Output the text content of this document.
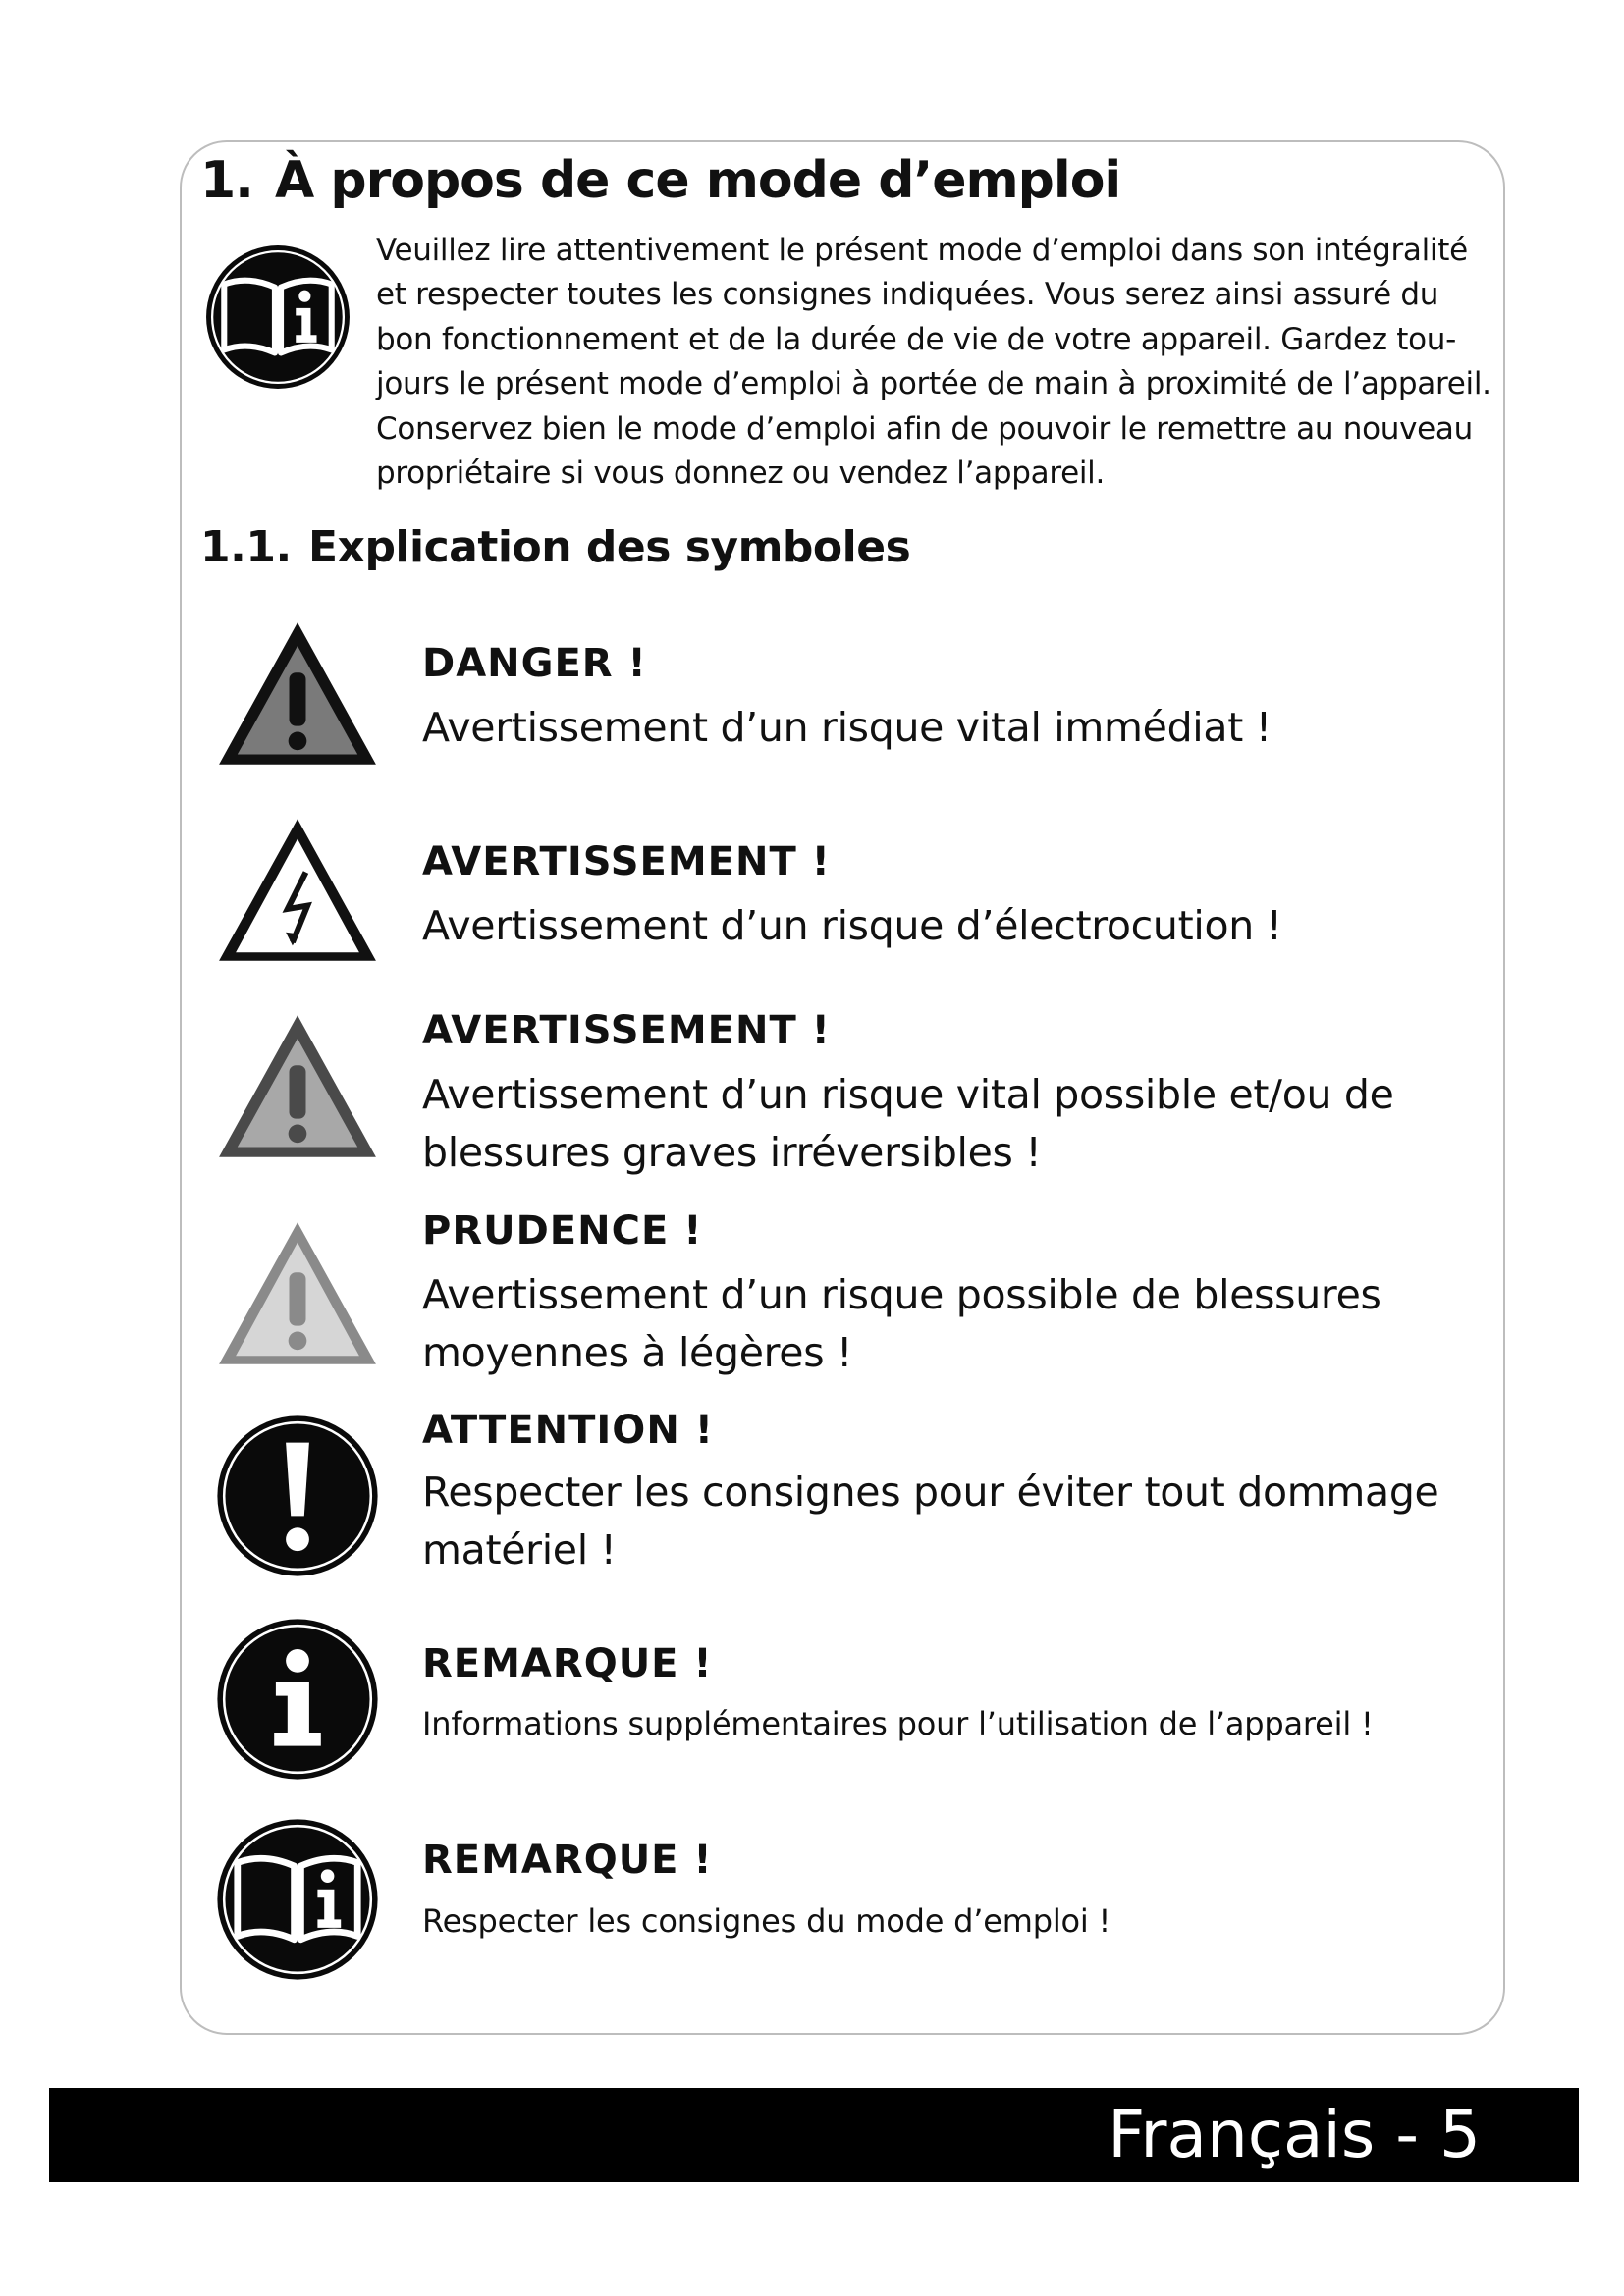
1. À propos de ce mode d’emploi

Veuillez lire attentivement le présent mode d’emploi dans son intégralité et respecter toutes les consignes indiquées. Vous serez ainsi assuré du bon fonctionnement et de la durée de vie de votre appareil. Gardez tou-jours le présent mode d’emploi à portée de main à proximité de l’appareil. Conservez bien le mode d’emploi afin de pouvoir le remettre au nouveau propriétaire si vous donnez ou vendez l’appareil.

1.1. Explication des symboles

DANGER !

Avertissement d’un risque vital immédiat !

AVERTISSEMENT !

Avertissement d’un risque d’électrocution !

AVERTISSEMENT !

Avertissement d’un risque vital possible et/ou de blessures graves irréversibles !

PRUDENCE !

Avertissement d’un risque possible de blessures moyennes à légères !

ATTENTION !

Respecter les consignes pour éviter tout dommage matériel !

REMARQUE !

Informations supplémentaires pour l’utilisation de l’appareil !

REMARQUE !

Respecter les consignes du mode d’emploi !

Français - 5
